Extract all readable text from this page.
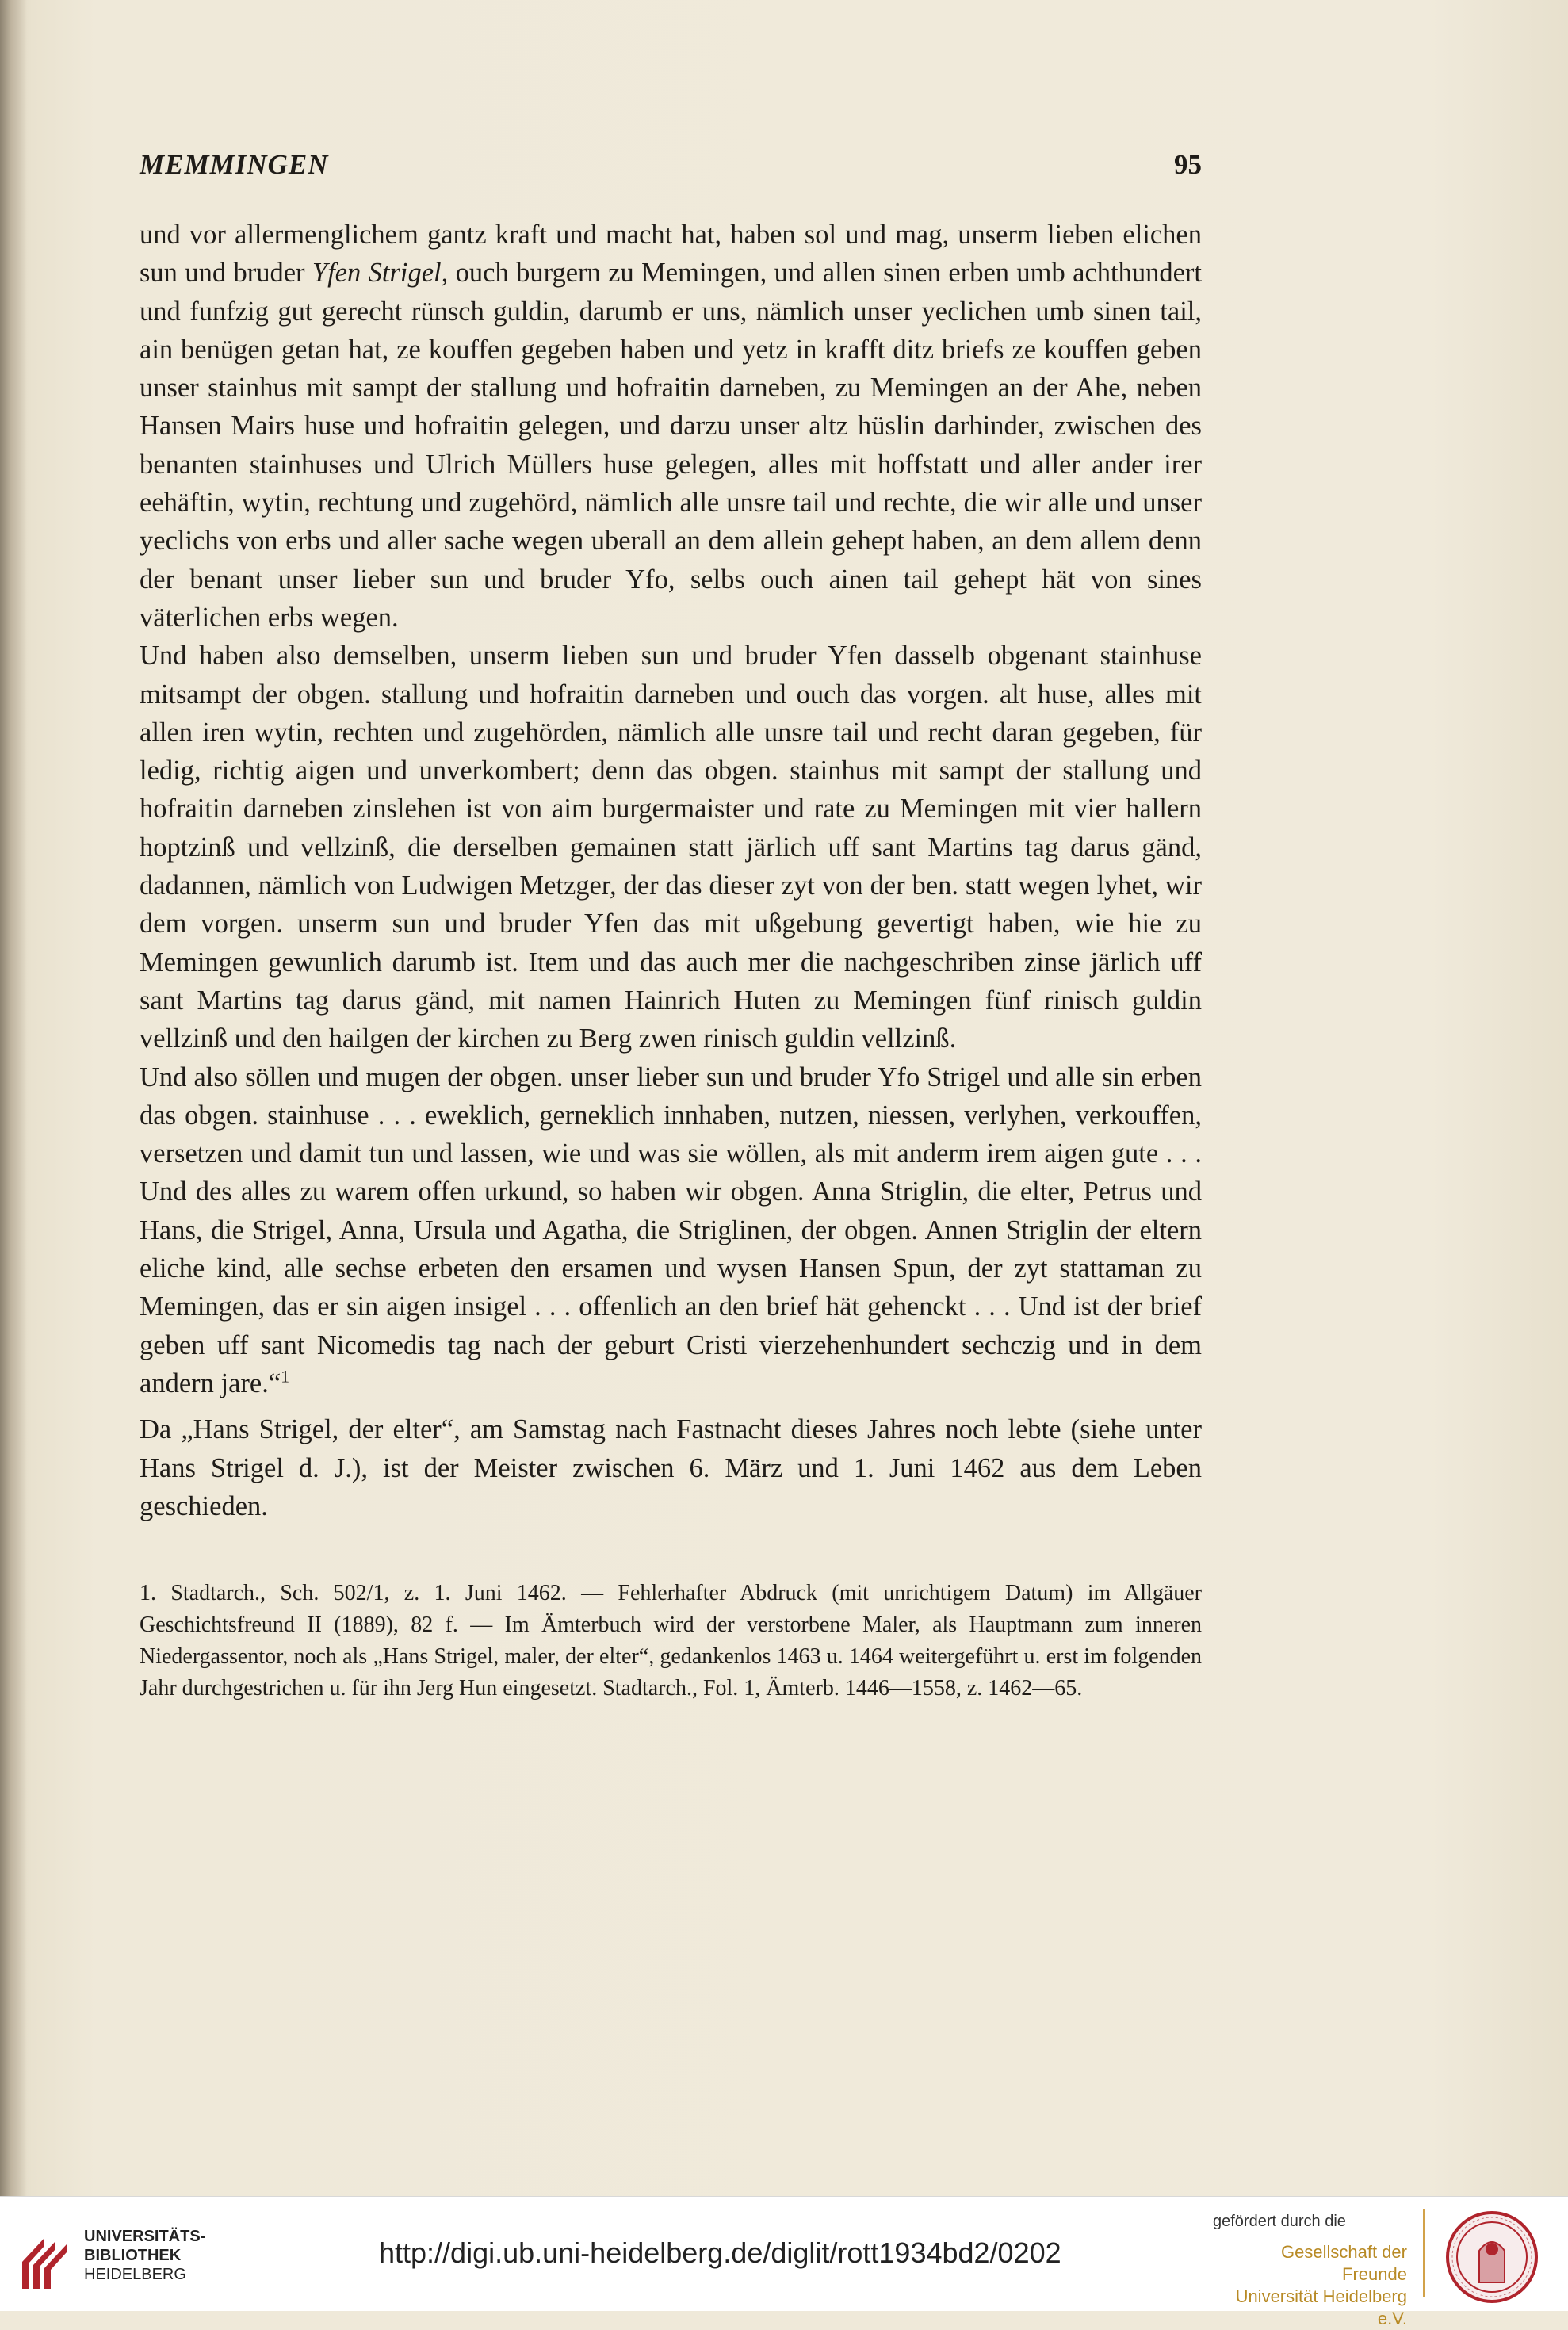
MEMMINGEN	95

und vor allermenglichem gantz kraft und macht hat, haben sol und mag, unserm lieben elichen sun und bruder Yfen Strigel, ouch burgern zu Memingen, und allen sinen erben umb achthundert und funfzig gut gerecht rünsch guldin, darumb er uns, nämlich unser yeclichen umb sinen tail, ain benügen getan hat, ze kouffen gegeben haben und yetz in krafft ditz briefs ze kouffen geben unser stainhus mit sampt der stallung und hofraitin darneben, zu Memingen an der Ahe, neben Hansen Mairs huse und hofraitin gelegen, und darzu unser altz hüslin darhinder, zwischen des benanten stainhuses und Ulrich Müllers huse gelegen, alles mit hoffstatt und aller ander irer eehäftin, wytin, rechtung und zugehörd, nämlich alle unsre tail und rechte, die wir alle und unser yeclichs von erbs und aller sache wegen uberall an dem allein gehept haben, an dem allem denn der benant unser lieber sun und bruder Yfo, selbs ouch ainen tail gehept hät von sines väterlichen erbs wegen.

Und haben also demselben, unserm lieben sun und bruder Yfen dasselb obgenant stainhuse mitsampt der obgen. stallung und hofraitin darneben und ouch das vorgen. alt huse, alles mit allen iren wytin, rechten und zugehörden, nämlich alle unsre tail und recht daran gegeben, für ledig, richtig aigen und unverkombert; denn das obgen. stainhus mit sampt der stallung und hofraitin darneben zinslehen ist von aim burgermaister und rate zu Memingen mit vier hallern hoptzinß und vellzinß, die derselben gemainen statt järlich uff sant Martins tag darus gänd, dadannen, nämlich von Ludwigen Metzger, der das dieser zyt von der ben. statt wegen lyhet, wir dem vorgen. unserm sun und bruder Yfen das mit ußgebung gevertigt haben, wie hie zu Memingen gewunlich darumb ist. Item und das auch mer die nachgeschriben zinse järlich uff sant Martins tag darus gänd, mit namen Hainrich Huten zu Memingen fünf rinisch guldin vellzinß und den hailgen der kirchen zu Berg zwen rinisch guldin vellzinß.

Und also söllen und mugen der obgen. unser lieber sun und bruder Yfo Strigel und alle sin erben das obgen. stainhuse . . . eweklich, gerneklich innhaben, nutzen, niessen, verlyhen, verkouffen, versetzen und damit tun und lassen, wie und was sie wöllen, als mit anderm irem aigen gute . . . Und des alles zu warem offen urkund, so haben wir obgen. Anna Striglin, die elter, Petrus und Hans, die Strigel, Anna, Ursula und Agatha, die Striglinen, der obgen. Annen Striglin der eltern eliche kind, alle sechse erbeten den ersamen und wysen Hansen Spun, der zyt stattaman zu Memingen, das er sin aigen insigel . . . offenlich an den brief hät gehenckt . . . Und ist der brief geben uff sant Nicomedis tag nach der geburt Cristi vierzehenhundert sechczig und in dem andern jare.“$^1$

Da „Hans Strigel, der elter“, am Samstag nach Fastnacht dieses Jahres noch lebte (siehe unter Hans Strigel d. J.), ist der Meister zwischen 6. März und 1. Juni 1462 aus dem Leben geschieden.

1. Stadtarch., Sch. 502/1, z. 1. Juni 1462. — Fehlerhafter Abdruck (mit unrichtigem Datum) im Allgäuer Geschichtsfreund II (1889), 82 f. — Im Ämterbuch wird der verstorbene Maler, als Hauptmann zum inneren Niedergassentor, noch als „Hans Strigel, maler, der elter“, gedankenlos 1463 u. 1464 weitergeführt u. erst im folgenden Jahr durchgestrichen u. für ihn Jerg Hun eingesetzt. Stadtarch., Fol. 1, Ämterb. 1446—1558, z. 1462—65.

UNIVERSITÄTS-
BIBLIOTHEK
HEIDELBERG
http://digi.ub.uni-heidelberg.de/diglit/rott1934bd2/0202
gefördert durch die
Gesellschaft der Freunde
Universität Heidelberg e.V.
